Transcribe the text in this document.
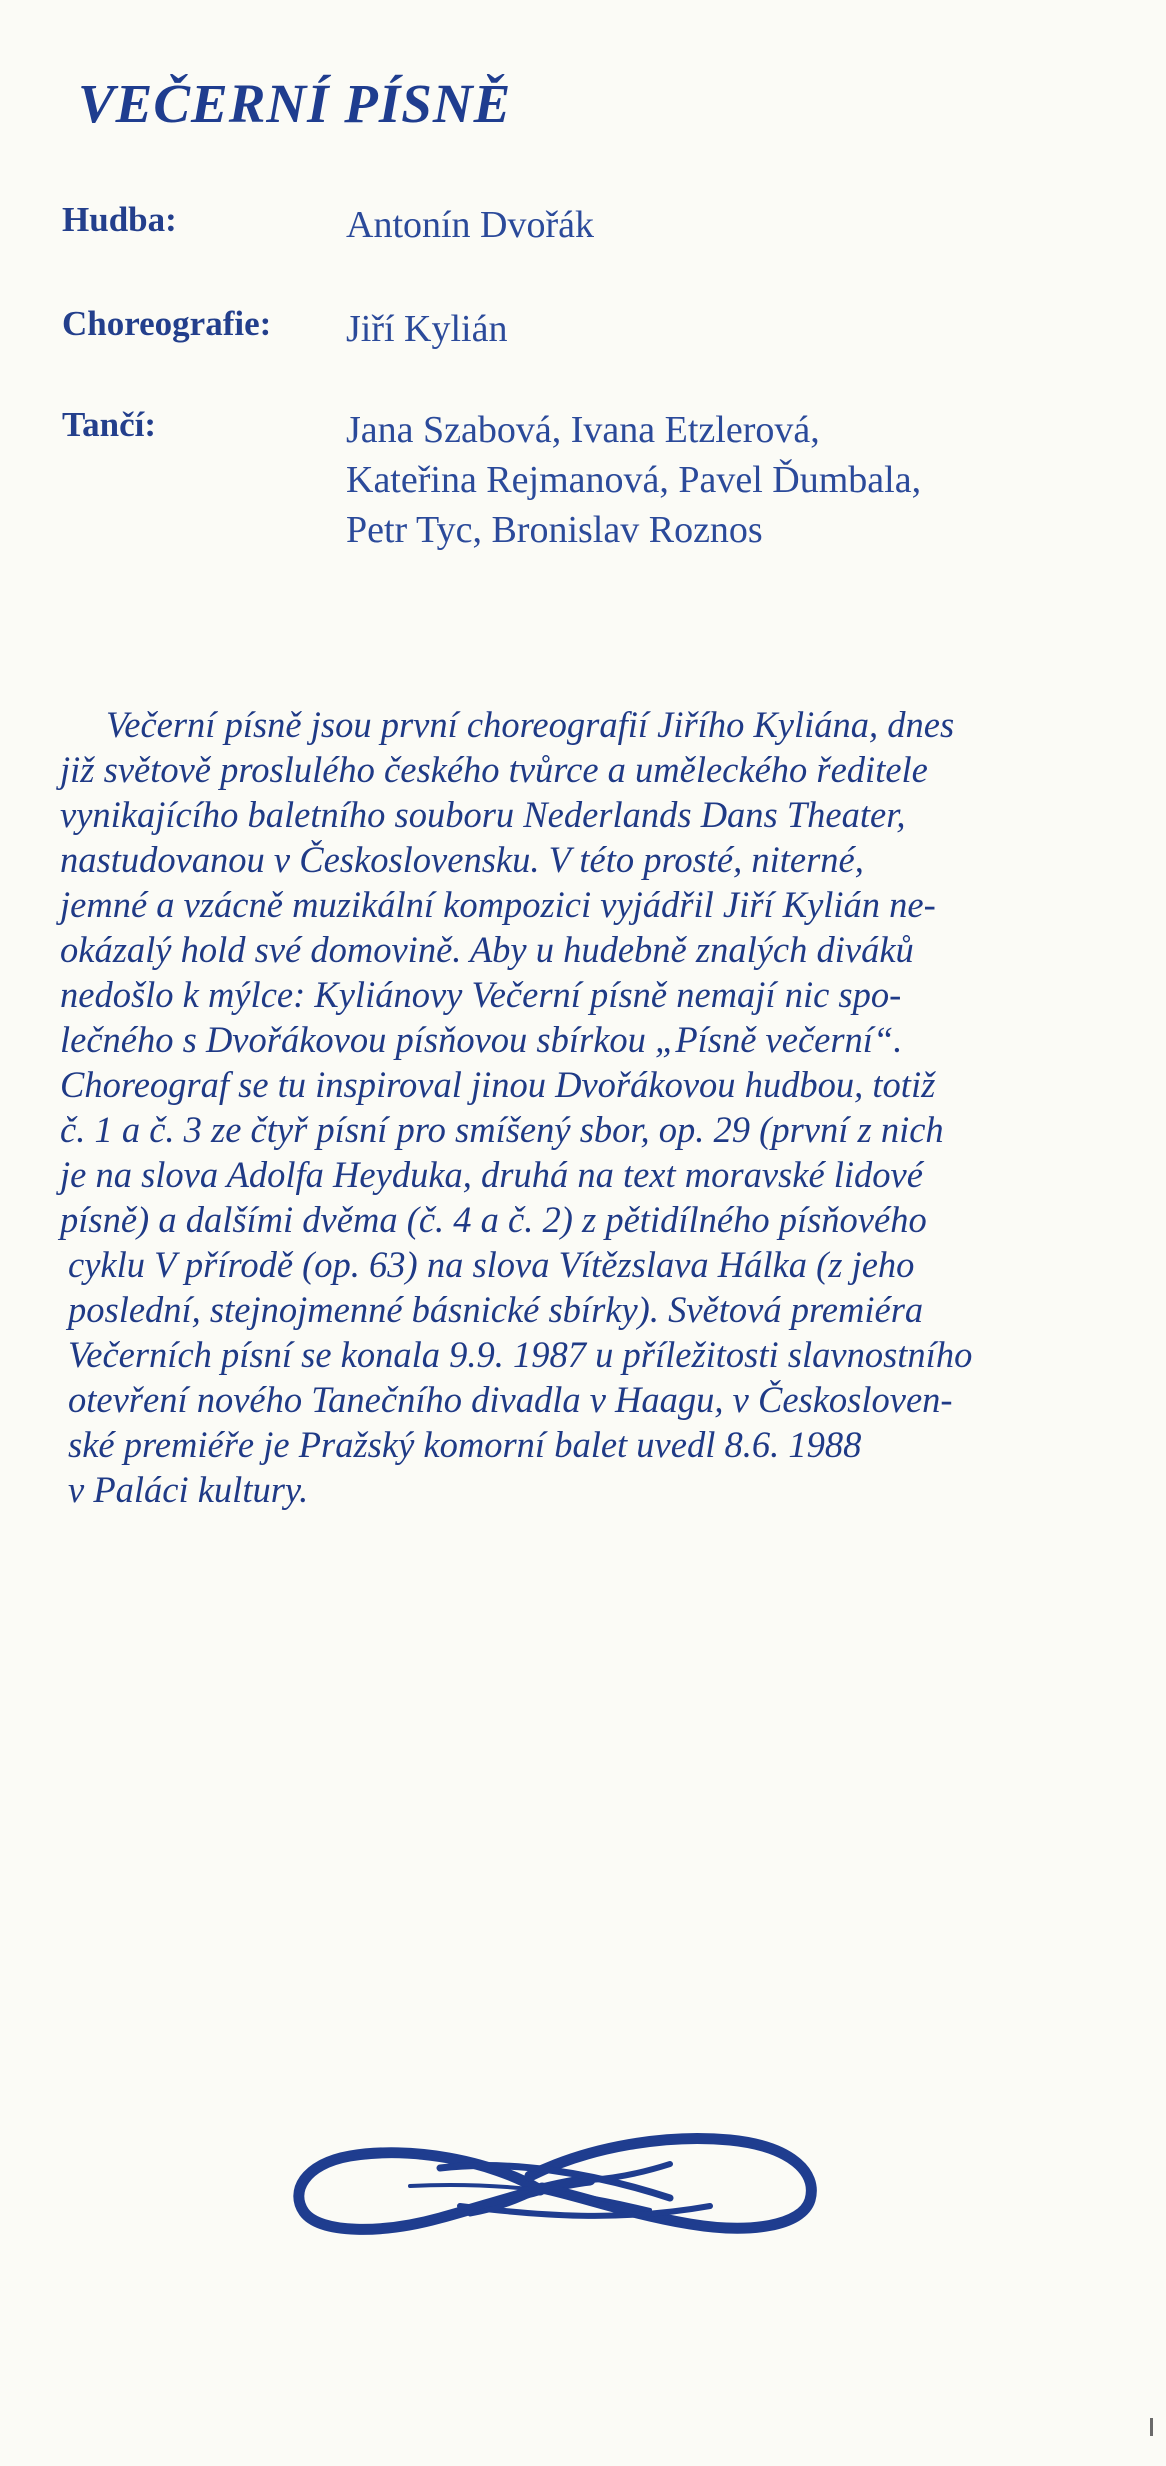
VEČERNÍ PÍSNĚ
Hudba:	Antonín Dvořák
Choreografie: Jiří Kylián
Tančí:	Jana Szabová, Ivana Etzlerová,
Kateřina Rejmanová, Pavel Ďumbala,
Petr Tyc, Bronislav Roznos
Večerní písně jsou první choreografií Jiřího Kyliána, dnes
již světově proslulého českého tvůrce a uměleckého ředitele
vynikajícího baletního souboru Nederlands Dans Theater,
nastudovanou v Československu. V této prosté, niterné,
jemné a vzácně muzikální kompozici vyjádřil Jiří Kylián ne-
okázalý hold své domovině. Aby u hudebně znalých diváků
nedošlo k mýlce: Kyliánovy Večerní písně nemají nic spo-
lečného s Dvořákovou písňovou sbírkou „Písně večerní“.
Choreograf se tu inspiroval jinou Dvořákovou hudbou, totiž
č. 1 a č. 3 ze čtyř písní pro smíšený sbor, op. 29 (první z nich
je na slova Adolfa Heyduka, druhá na text moravské lidové
písně) a dalšími dvěma (č. 4 a č. 2) z pětidílného písňového
cyklu V přírodě (op. 63) na slova Vítězslava Hálka (z jeho
poslední, stejnojmenné básnické sbírky). Světová premiéra
Večerních písní se konala 9.9. 1987 u příležitosti slavnostního
otevření nového Tanečního divadla v Haagu, v Českosloven-
ské premiéře je Pražský komorní balet uvedl 8.6. 1988
v Paláci kultury.
